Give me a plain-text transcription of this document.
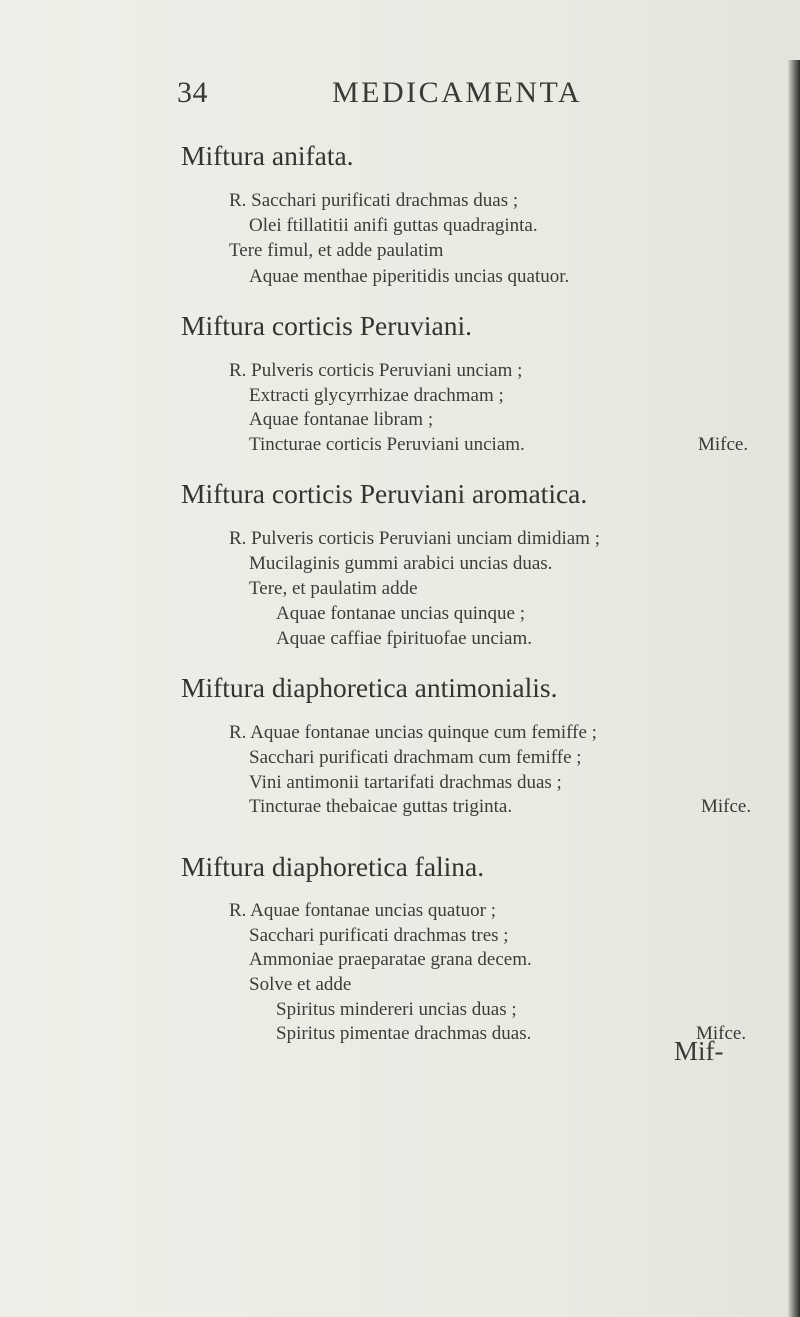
34	MEDICAMENTA
Miftura anifata.
R. Sacchari purificati drachmas duas ;
Olei ftillatitii anifi guttas quadraginta.
Tere fimul, et adde paulatim
Aquae menthae piperitidis uncias quatuor.
Miftura corticis Peruviani.
R. Pulveris corticis Peruviani unciam ;
Extracti glycyrrhizae drachmam ;
Aquae fontanae libram ;
Tincturae corticis Peruviani unciam.	Mifce.
Miftura corticis Peruviani aromatica.
R. Pulveris corticis Peruviani unciam dimidiam ;
Mucilaginis gummi arabici uncias duas.
Tere, et paulatim adde
Aquae fontanae uncias quinque ;
Aquae caffiae fpirituofae unciam.
Miftura diaphoretica antimonialis.
R. Aquae fontanae uncias quinque cum femiffe ;
Sacchari purificati drachmam cum femiffe ;
Vini antimonii tartarifati drachmas duas ;
Tincturae thebaicae guttas triginta.	Mifce.
Miftura diaphoretica falina.
R. Aquae fontanae uncias quatuor ;
Sacchari purificati drachmas tres ;
Ammoniae praeparatae grana decem.
Solve et adde
Spiritus mindereri uncias duas ;
Spiritus pimentae drachmas duas.	Mifce.
Mif-
